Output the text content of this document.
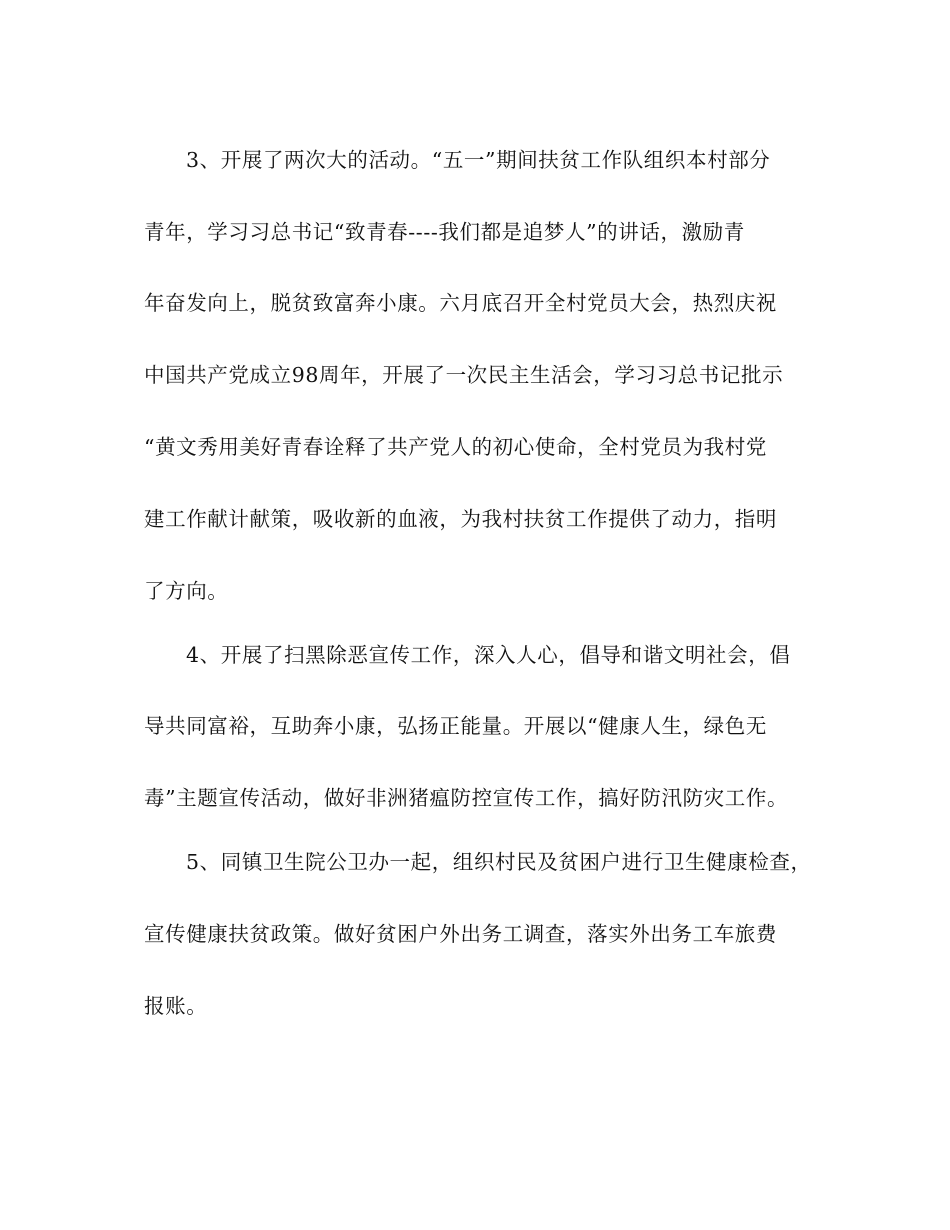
3、开展了两次大的活动。“五一”期间扶贫工作队组织本村部分
青年，学习习总书记“致青春----我们都是追梦人”的讲话，激励青
年奋发向上，脱贫致富奔小康。六月底召开全村党员大会，热烈庆祝
中国共产党成立98周年，开展了一次民主生活会，学习习总书记批示
“黄文秀用美好青春诠释了共产党人的初心使命，全村党员为我村党
建工作献计献策，吸收新的血液，为我村扶贫工作提供了动力，指明
了方向。
4、开展了扫黑除恶宣传工作，深入人心，倡导和谐文明社会，倡
导共同富裕，互助奔小康，弘扬正能量。开展以“健康人生，绿色无
毒”主题宣传活动，做好非洲猪瘟防控宣传工作，搞好防汛防灾工作。
5、同镇卫生院公卫办一起，组织村民及贫困户进行卫生健康检查，
宣传健康扶贫政策。做好贫困户外出务工调查，落实外出务工车旅费
报账。
